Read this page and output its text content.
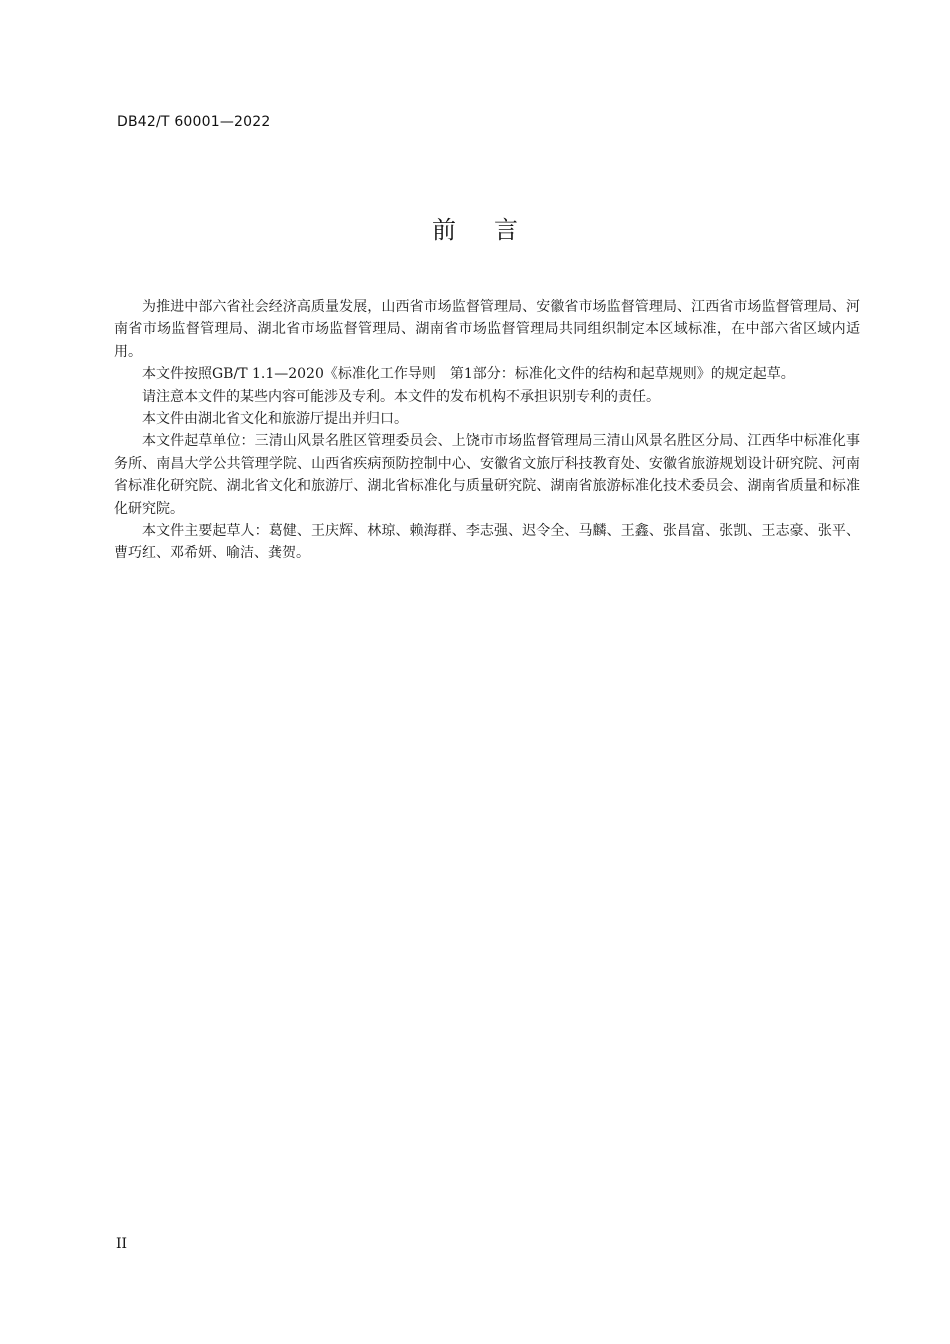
DB42/T 60001—2022
前言

为推进中部六省社会经济高质量发展，山西省市场监督管理局、安徽省市场监督管理局、江西省市场监督管理局、河南省市场监督管理局、湖北省市场监督管理局、湖南省市场监督管理局共同组织制定本区域标准，在中部六省区域内适用。

本文件按照GB/T 1.1—2020《标准化工作导则　第1部分：标准化文件的结构和起草规则》的规定起草。

请注意本文件的某些内容可能涉及专利。本文件的发布机构不承担识别专利的责任。

本文件由湖北省文化和旅游厅提出并归口。

本文件起草单位：三清山风景名胜区管理委员会、上饶市市场监督管理局三清山风景名胜区分局、江西华中标准化事务所、南昌大学公共管理学院、山西省疾病预防控制中心、安徽省文旅厅科技教育处、安徽省旅游规划设计研究院、河南省标准化研究院、湖北省文化和旅游厅、湖北省标准化与质量研究院、湖南省旅游标准化技术委员会、湖南省质量和标准化研究院。

本文件主要起草人：葛健、王庆辉、林琼、赖海群、李志强、迟令全、马麟、王鑫、张昌富、张凯、王志豪、张平、曹巧红、邓希妍、喻洁、龚贺。

II
